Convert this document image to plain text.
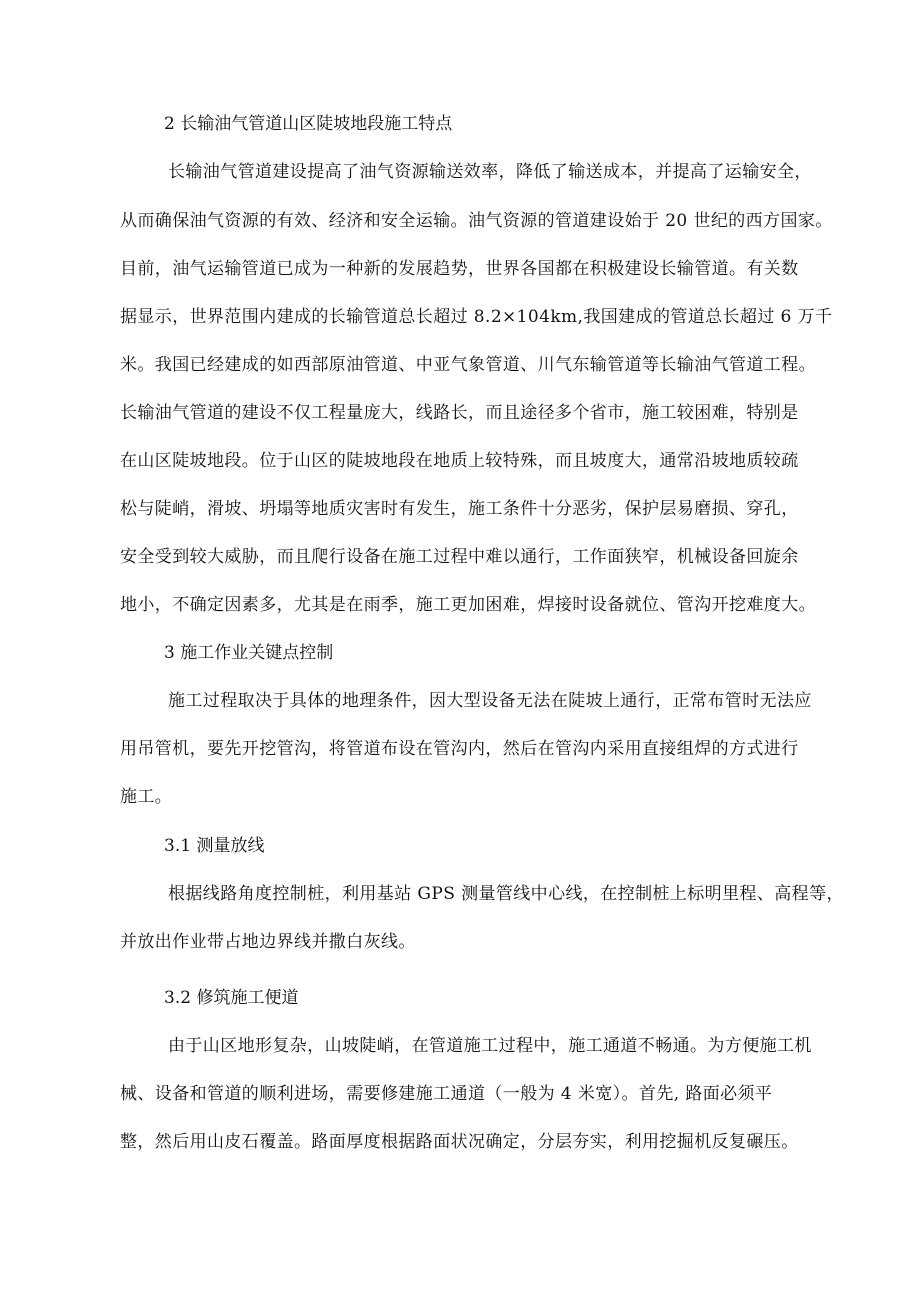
2 长输油气管道山区陡坡地段施工特点
长输油气管道建设提高了油气资源输送效率，降低了输送成本，并提高了运输安全，
从而确保油气资源的有效、经济和安全运输。油气资源的管道建设始于 20 世纪的西方国家。
目前，油气运输管道已成为一种新的发展趋势，世界各国都在积极建设长输管道。有关数
据显示，世界范围内建成的长输管道总长超过 8.2×104km,我国建成的管道总长超过 6 万千
米。我国已经建成的如西部原油管道、中亚气象管道、川气东输管道等长输油气管道工程。
长输油气管道的建设不仅工程量庞大，线路长，而且途径多个省市，施工较困难，特别是
在山区陡坡地段。位于山区的陡坡地段在地质上较特殊，而且坡度大，通常沿坡地质较疏
松与陡峭，滑坡、坍塌等地质灾害时有发生，施工条件十分恶劣，保护层易磨损、穿孔，
安全受到较大威胁，而且爬行设备在施工过程中难以通行，工作面狭窄，机械设备回旋余
地小，不确定因素多，尤其是在雨季，施工更加困难，焊接时设备就位、管沟开挖难度大。
3 施工作业关键点控制
施工过程取决于具体的地理条件，因大型设备无法在陡坡上通行，正常布管时无法应
用吊管机，要先开挖管沟，将管道布设在管沟内，然后在管沟内采用直接组焊的方式进行
施工。
3.1 测量放线
根据线路角度控制桩，利用基站 GPS 测量管线中心线，在控制桩上标明里程、高程等，
并放出作业带占地边界线并撒白灰线。
3.2 修筑施工便道
由于山区地形复杂，山坡陡峭，在管道施工过程中，施工通道不畅通。为方便施工机
械、设备和管道的顺利进场，需要修建施工通道（一般为 4 米宽）。首先, 路面必须平
整，然后用山皮石覆盖。路面厚度根据路面状况确定，分层夯实，利用挖掘机反复碾压。
